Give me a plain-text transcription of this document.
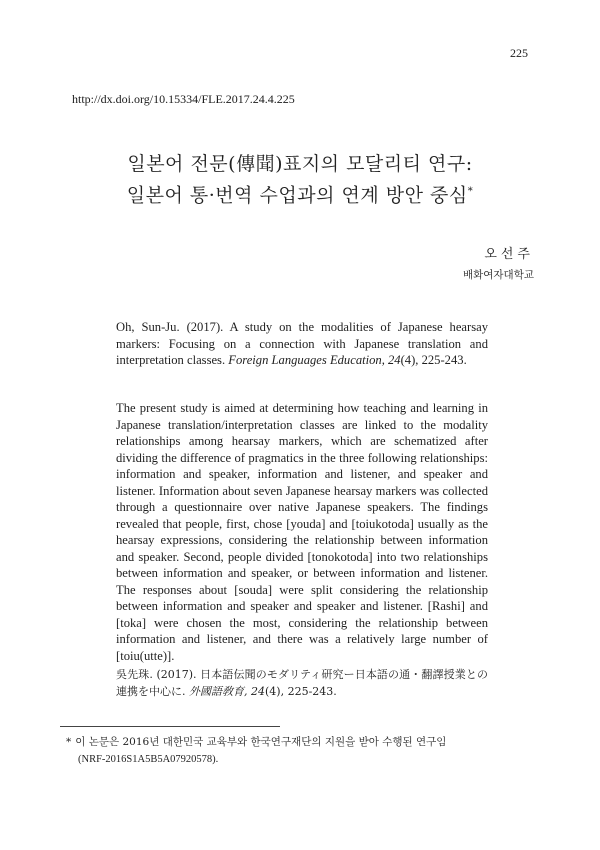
225
http://dx.doi.org/10.15334/FLE.2017.24.4.225
일본어 전문(傳聞)표지의 모달리티 연구:
일본어 통·번역 수업과의 연계 방안 중심*
오선주
배화여자대학교
Oh, Sun-Ju. (2017). A study on the modalities of Japanese hearsay markers: Focusing on a connection with Japanese translation and interpretation classes. Foreign Languages Education, 24(4), 225-243.
The present study is aimed at determining how teaching and learning in Japanese translation/interpretation classes are linked to the modality relationships among hearsay markers, which are schematized after dividing the difference of pragmatics in the three following relationships: information and speaker, information and listener, and speaker and listener. Information about seven Japanese hearsay markers was collected through a questionnaire over native Japanese speakers. The findings revealed that people, first, chose [youda] and [toiukotoda] usually as the hearsay expressions, considering the relationship between information and speaker. Second, people divided [tonokotoda] into two relationships between information and speaker, or between information and listener. The responses about [souda] were split considering the relationship between information and speaker and speaker and listener. [Rashi] and [toka] were chosen the most, considering the relationship between information and listener, and there was a relatively large number of [toiu(utte)].
吳先珠. (2017). 日本語伝聞のモダリティ研究ー日本語の通・翻譯授業との連携を中心に. 外國語敎育, 24(4), 225-243.
* 이 논문은 2016년 대한민국 교육부와 한국연구재단의 지원을 받아 수행된 연구임
(NRF-2016S1A5B5A07920578).
